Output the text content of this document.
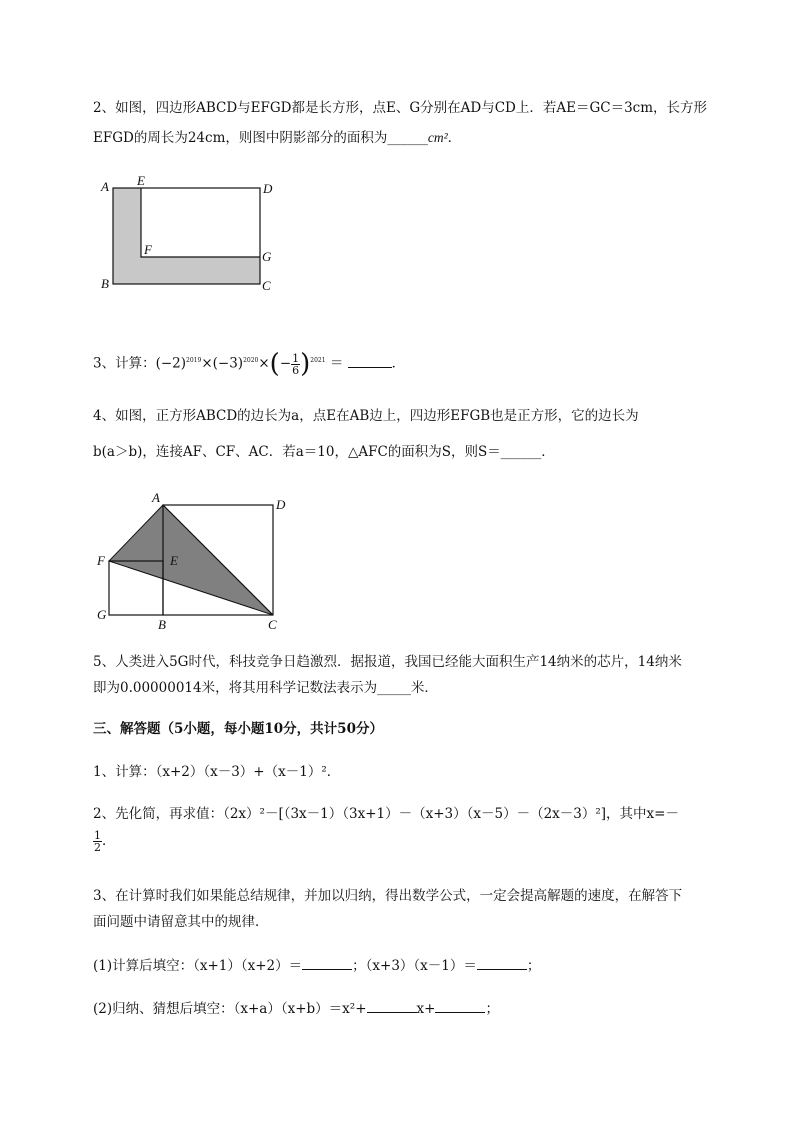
2、如图，四边形ABCD与EFGD都是长方形，点E、G分别在AD与CD上．若AE＝GC＝3cm，长方形
EFGD的周长为24cm，则图中阴影部分的面积为______cm²．
A E
D
F	G
B	C
3、计算：$(-2)^{2019}\times(-3)^{2020}\times(- \frac{1}{6} )^{2021}$ ＝	．
4、如图，正方形ABCD的边长为a，点E在AB边上，四边形EFGB也是正方形，它的边长为
b(a＞b)，连接AF、CF、AC．若a＝10，△AFC的面积为S，则S＝______．
A	D
F	E
G
B	C
5、人类进入5G时代，科技竞争日趋激烈．据报道，我国已经能大面积生产14纳米的芯片，14纳米
即为0.00000014米，将其用科学记数法表示为_____米．
三、解答题（5小题，每小题10分，共计50分）
1、计算：（x+2）（x－3）+（x－1）²．
2、先化简，再求值：（2x）²－[（3x－1）（3x+1）－（x+3）（x－5）－（2x－3）²]，其中x=－
$\frac{1}{2}$ ．
3、在计算时我们如果能总结规律，并加以归纳，得出数学公式，一定会提高解题的速度，在解答下
面问题中请留意其中的规律．
(1)计算后填空：（x+1）（x+2）＝	；（x+3）（x－1）＝	；
(2)归纳、猜想后填空：（x+a）（x+b）＝x²+	x+	；
